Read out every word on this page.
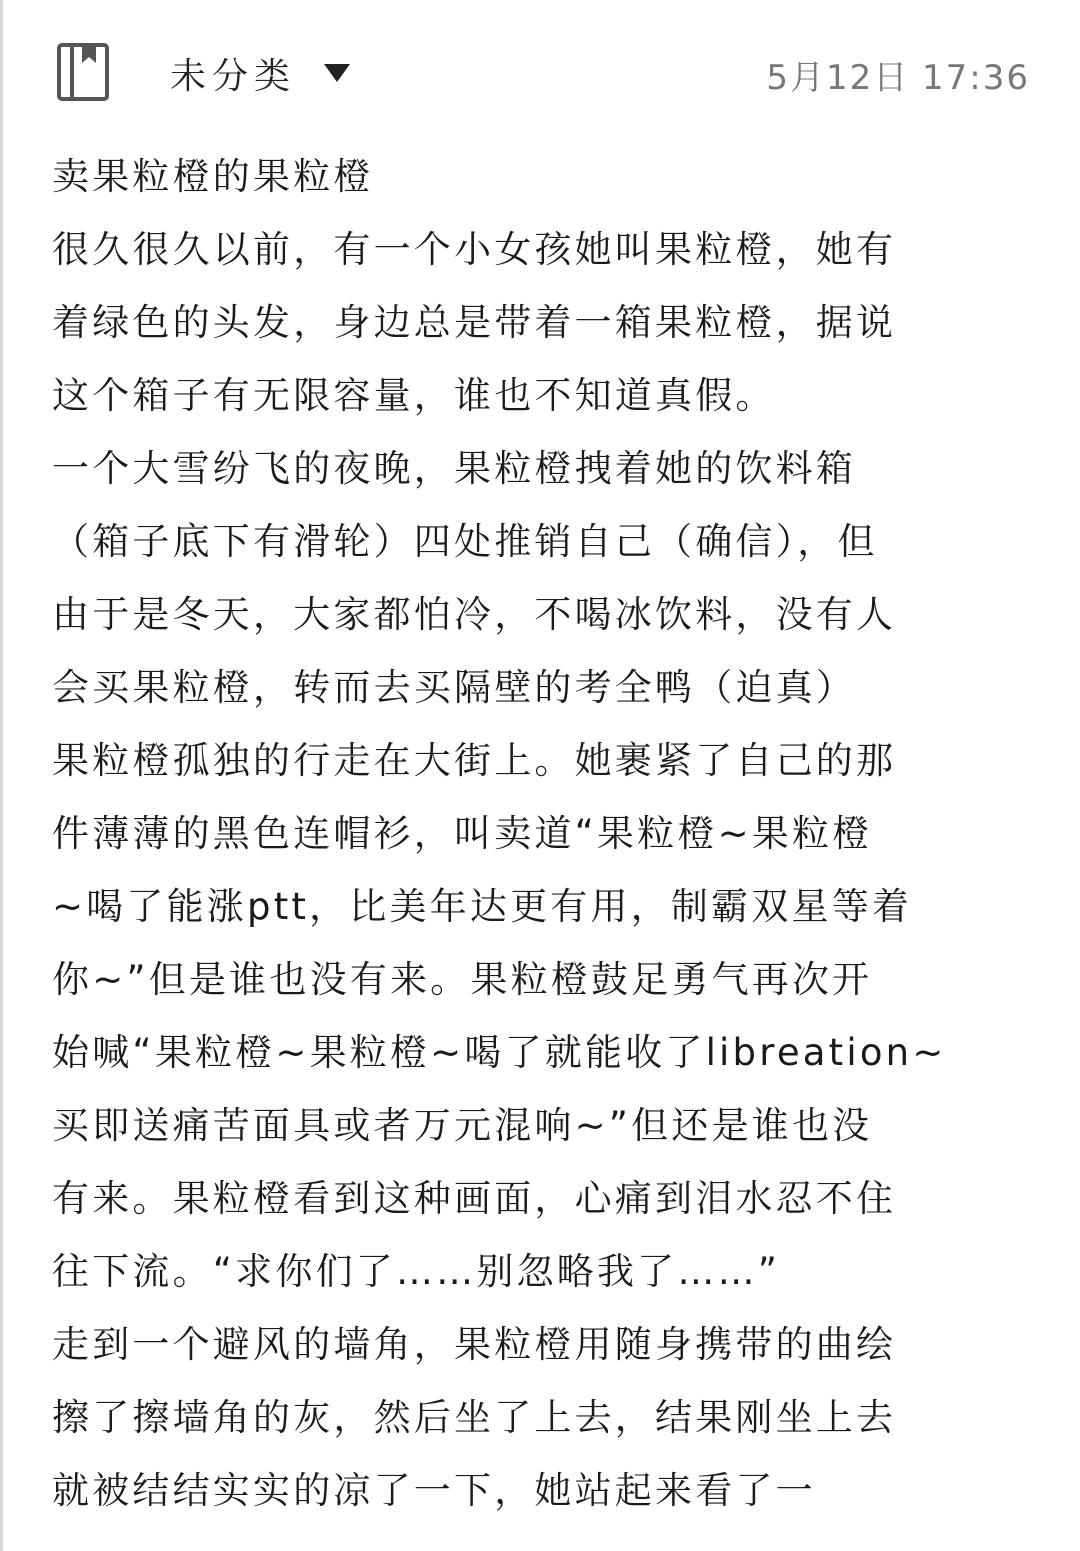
未分类	5月12日 17:36
卖果粒橙的果粒橙
很久很久以前，有一个小女孩她叫果粒橙，她有
着绿色的头发，身边总是带着一箱果粒橙，据说
这个箱子有无限容量，谁也不知道真假。
一个大雪纷飞的夜晚，果粒橙拽着她的饮料箱
（箱子底下有滑轮）四处推销自己（确信），但
由于是冬天，大家都怕冷，不喝冰饮料，没有人
会买果粒橙，转而去买隔壁的考全鸭（迫真）
果粒橙孤独的行走在大街上。她裹紧了自己的那
件薄薄的黑色连帽衫，叫卖道“果粒橙~果粒橙
~喝了能涨ptt，比美年达更有用，制霸双星等着
你~”但是谁也没有来。果粒橙鼓足勇气再次开
始喊“果粒橙~果粒橙~喝了就能收了libreation~
买即送痛苦面具或者万元混响~”但还是谁也没
有来。果粒橙看到这种画面，心痛到泪水忍不住
往下流。“求你们了……别忽略我了……”
走到一个避风的墙角，果粒橙用随身携带的曲绘
擦了擦墙角的灰，然后坐了上去，结果刚坐上去
就被结结实实的凉了一下，她站起来看了一
